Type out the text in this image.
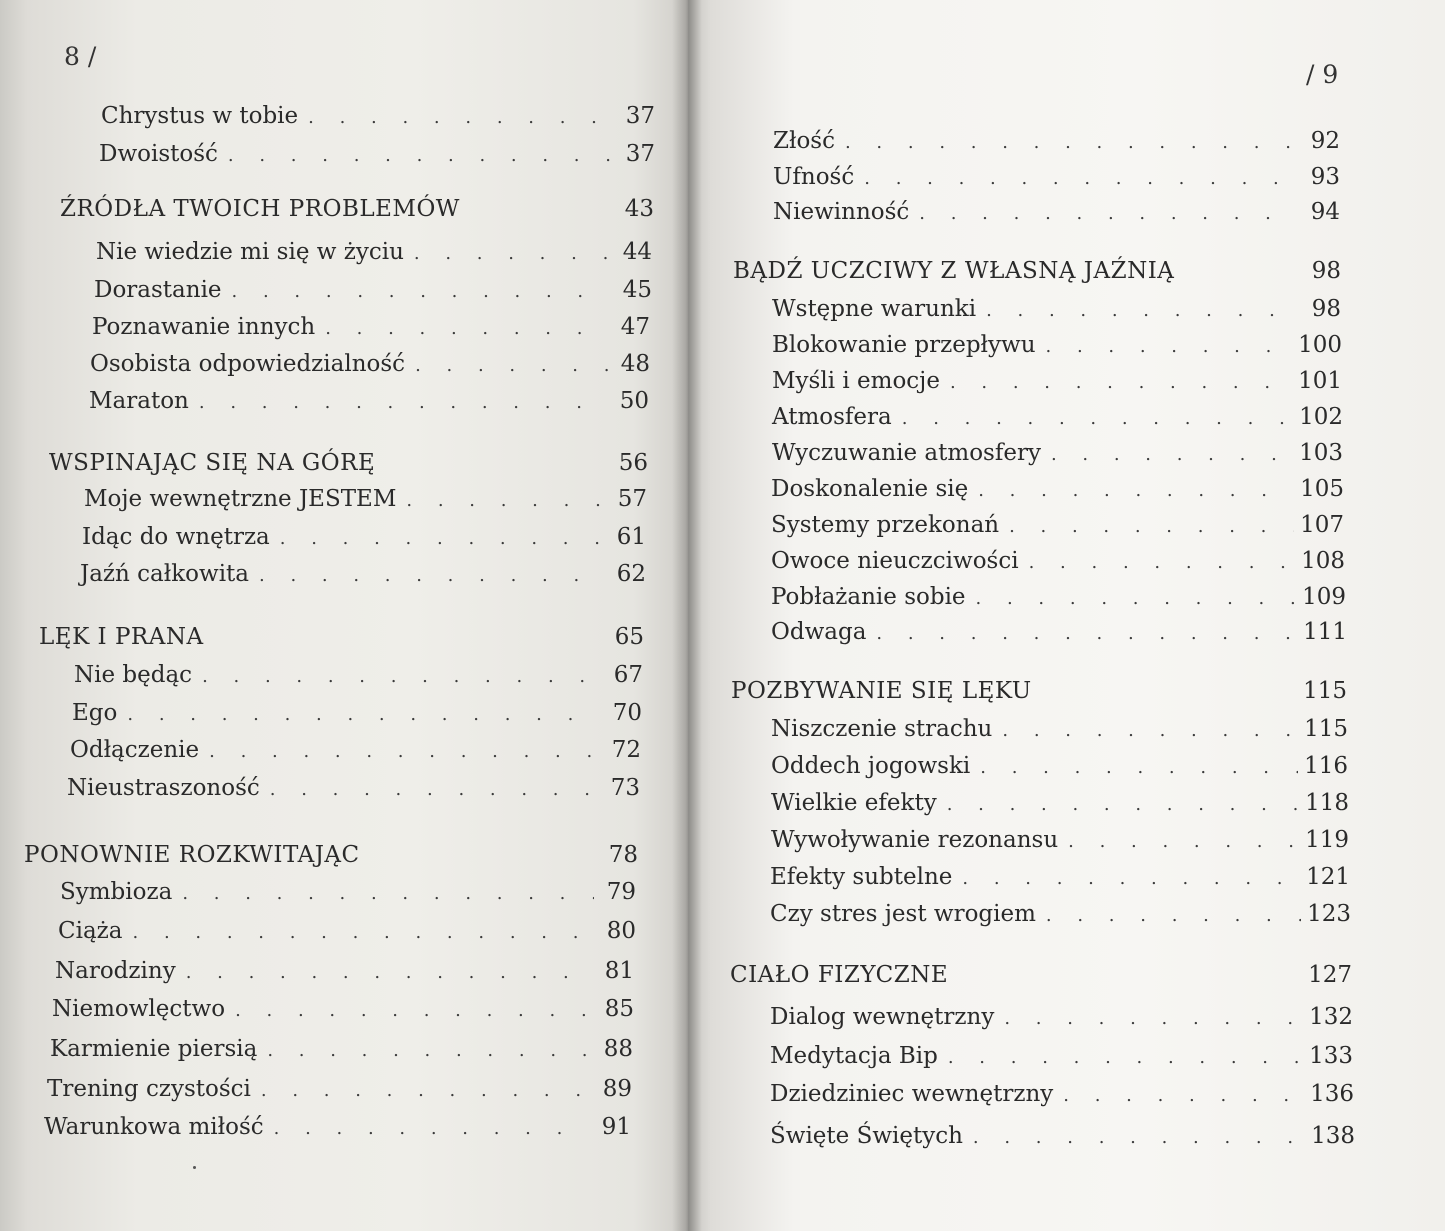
8 /
Chrystus w tobie . . .	37
Dwoistość . . .	37
ŹRÓDŁA TWOICH PROBLEMÓW	43
Nie wiedzie mi się w życiu . . .	44
Dorastanie . . .	45
Poznawanie innych . . .	47
Osobista odpowiedzialność . . .	48
Maraton . . .	50
WSPINAJĄC SIĘ NA GÓRĘ	56
Moje wewnętrzne JESTEM . . .	57
Idąc do wnętrza . . .	61
Jaźń całkowita . . .	62
LĘK I PRANA	65
Nie będąc . . .	67
Ego . . .	70
Odłączenie . . .	72
Nieustraszoność . . .	73
PONOWNIE ROZKWITAJĄC	78
Symbioza . . .	79
Ciąża . . .	80
Narodziny . . .	81
Niemowlęctwo . . .	85
Karmienie piersią . . .	88
Trening czystości . . .	89
Warunkowa miłość . . .	91
/ 9
Złość . . .	92
Ufność . . .	93
Niewinność . . .	94
BĄDŹ UCZCIWY Z WŁASNĄ JAŹNIĄ	98
Wstępne warunki . . .	98
Blokowanie przepływu . . .	100
Myśli i emocje . . .	101
Atmosfera . . .	102
Wyczuwanie atmosfery . . .	103
Doskonalenie się . . .	105
Systemy przekonań . . .	107
Owoce nieuczciwości . . .	108
Pobłażanie sobie . . .	109
Odwaga . . .	111
POZBYWANIE SIĘ LĘKU	115
Niszczenie strachu . . .	115
Oddech jogowski . . .	116
Wielkie efekty . . .	118
Wywoływanie rezonansu . . .	119
Efekty subtelne . . .	121
Czy stres jest wrogiem . . .	123
CIAŁO FIZYCZNE	127
Dialog wewnętrzny . . .	132
Medytacja Bip . . .	133
Dziedziniec wewnętrzny . . .	136
Święte Świętych . . .	138
